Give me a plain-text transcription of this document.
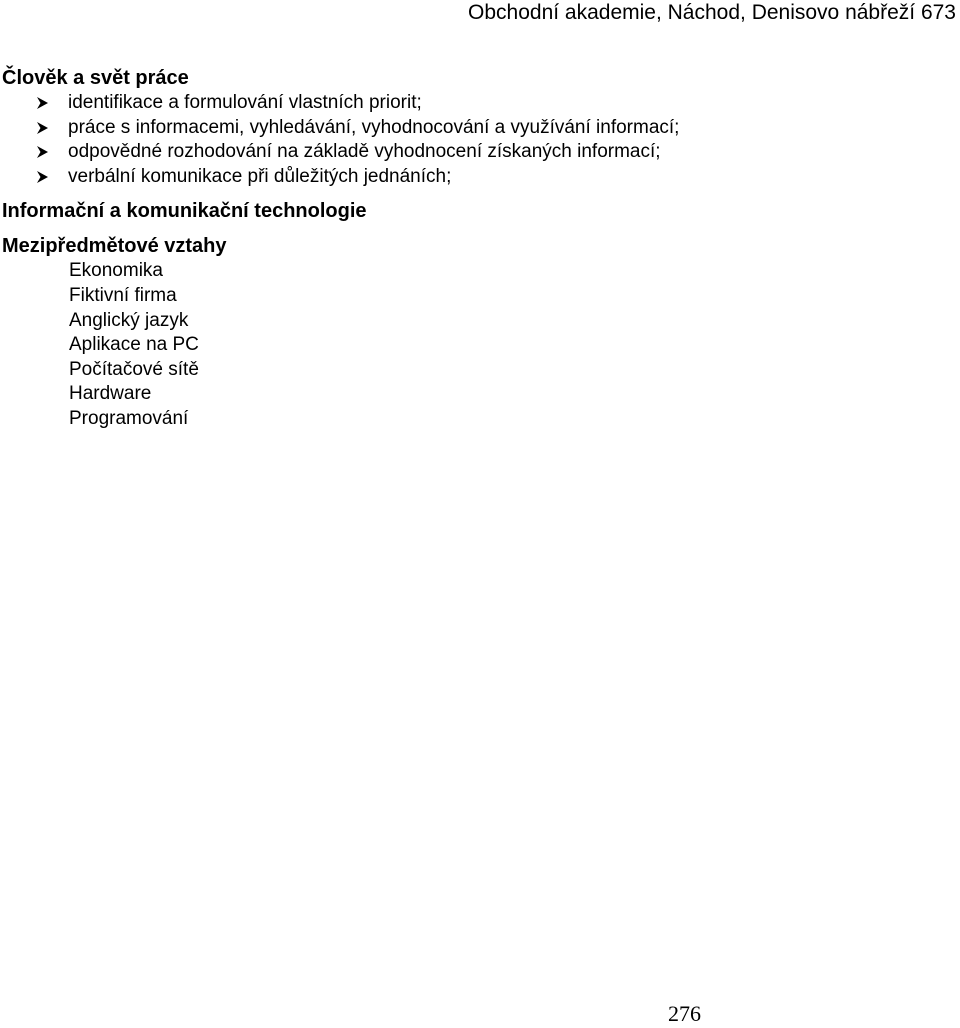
Obchodní akademie, Náchod, Denisovo nábřeží 673
Člověk a svět práce
identifikace a formulování vlastních priorit;
práce s informacemi, vyhledávání, vyhodnocování a využívání informací;
odpovědné rozhodování na základě vyhodnocení získaných informací;
verbální komunikace při důležitých jednáních;
Informační a komunikační technologie
Mezipředmětové vztahy
Ekonomika
Fiktivní firma
Anglický jazyk
Aplikace na PC
Počítačové sítě
Hardware
Programování
276
